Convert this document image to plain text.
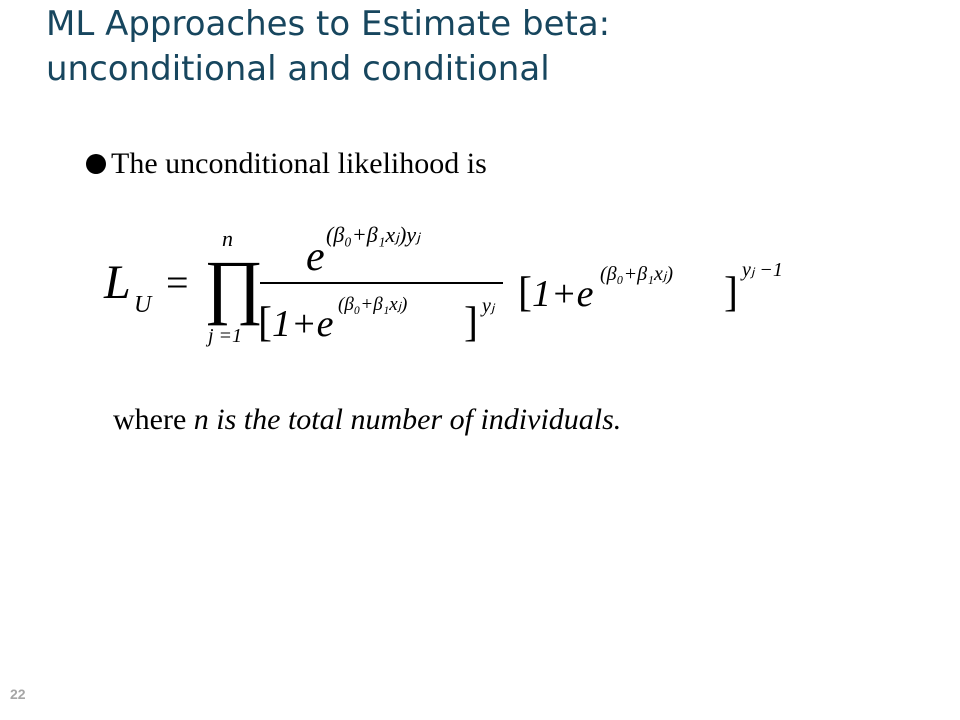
ML Approaches to Estimate beta:
unconditional and conditional
The unconditional likelihood is
L U = ∏
n
j =1
e (β₀+β₁xⱼ)yⱼ
[ 1+e (β₀+β₁xⱼ) ] yⱼ [ 1+e (β₀+β₁xⱼ) ] yⱼ −1
where n is the total number of individuals.
22
